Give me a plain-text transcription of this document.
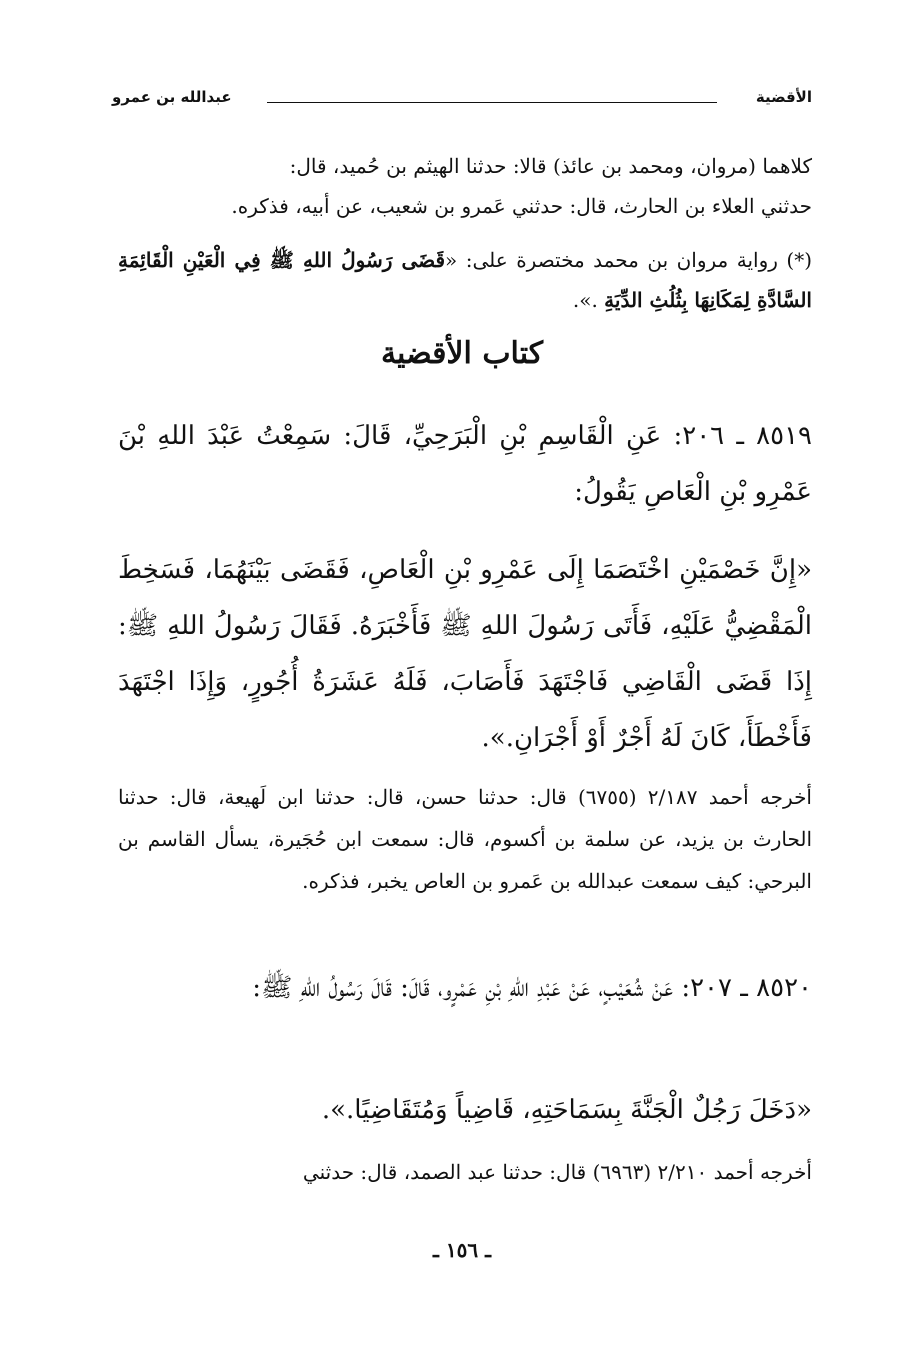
الأقضية
عبدالله بن عمرو

كلاهما (مروان، ومحمد بن عائذ) قالا: حدثنا الهيثم بن حُميد، قال:

حدثني العلاء بن الحارث، قال: حدثني عَمرو بن شعيب، عن أبيه، فذكره.

(*) رواية مروان بن محمد مختصرة على: «قَضَى رَسُولُ اللهِ ﷺ فِي الْعَيْنِ الْقَائِمَةِ السَّادَّةِ لِمَكَانِهَا بِثُلُثِ الدِّيَةِ .».

كتاب الأقضية
٨٥١٩ ـ ٢٠٦: عَنِ الْقَاسِمِ بْنِ الْبَرَحِيِّ، قَالَ: سَمِعْتُ عَبْدَ اللهِ بْنَ عَمْرِو بْنِ الْعَاصِ يَقُولُ:
«إِنَّ خَصْمَيْنِ اخْتَصَمَا إِلَى عَمْرِو بْنِ الْعَاصِ، فَقَضَى بَيْنَهُمَا، فَسَخِطَ الْمَقْضِيُّ عَلَيْهِ، فَأَتَى رَسُولَ اللهِ ﷺ فَأَخْبَرَهُ. فَقَالَ رَسُولُ اللهِ ﷺ: إِذَا قَضَى الْقَاضِي فَاجْتَهَدَ فَأَصَابَ، فَلَهُ عَشَرَةُ أُجُورٍ، وَإِذَا اجْتَهَدَ فَأَخْطَأَ، كَانَ لَهُ أَجْرٌ أَوْ أَجْرَانِ.».
أخرجه أحمد ٢/١٨٧ (٦٧٥٥) قال: حدثنا حسن، قال: حدثنا ابن لَهيعة، قال: حدثنا الحارث بن يزيد، عن سلمة بن أكسوم، قال: سمعت ابن حُجَيرة، يسأل القاسم بن البرحي: كيف سمعت عبدالله بن عَمرو بن العاص يخبر، فذكره.
٨٥٢٠ ـ ٢٠٧: عَنْ شُعَيْبٍ، عَنْ عَبْدِ اللهِ بْنِ عَمْرٍو، قَالَ: قَالَ رَسُولُ اللهِ ﷺ:
«دَخَلَ رَجُلٌ الْجَنَّةَ بِسَمَاحَتِهِ، قَاضِياً وَمُتَقَاضِيًا.».
أخرجه أحمد ٢/٢١٠ (٦٩٦٣) قال: حدثنا عبد الصمد، قال: حدثني
ـ ١٥٦ ـ
